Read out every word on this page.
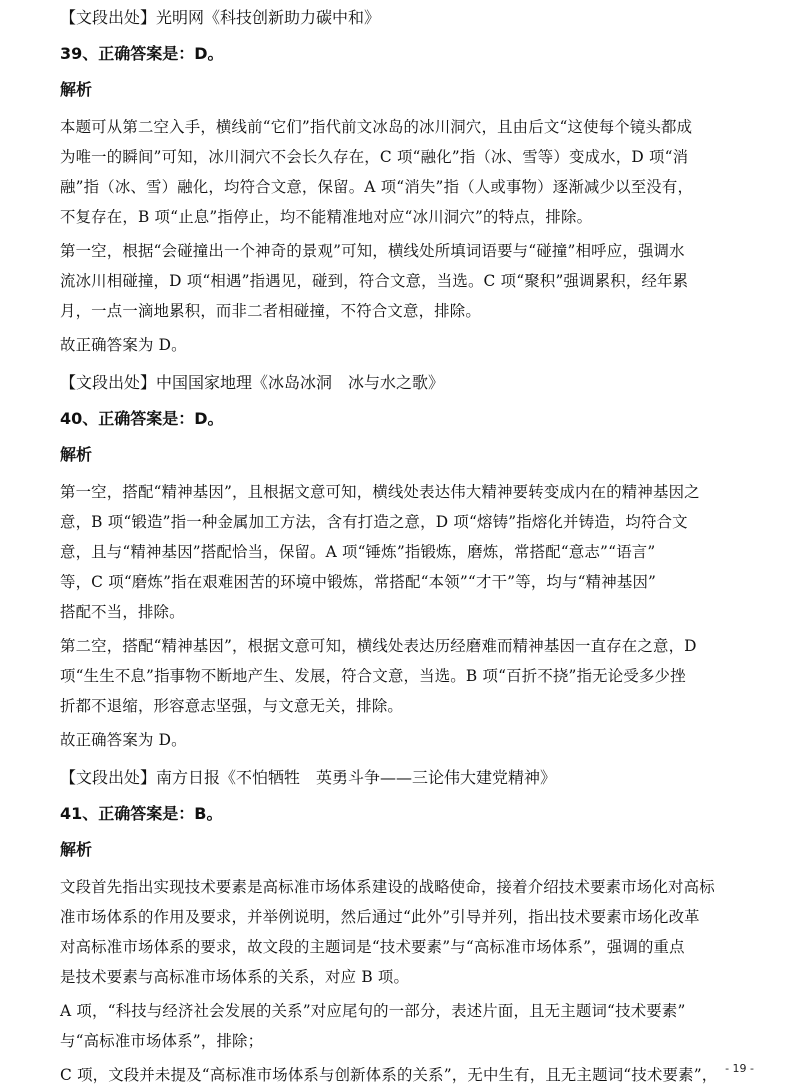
【文段出处】光明网《科技创新助力碳中和》
39、正确答案是：D。
解析
本题可从第二空入手，横线前“它们”指代前文冰岛的冰川洞穴，且由后文“这使每个镜头都成
为唯一的瞬间”可知，冰川洞穴不会长久存在，C 项“融化”指（冰、雪等）变成水，D 项“消
融”指（冰、雪）融化，均符合文意，保留。A 项“消失”指（人或事物）逐渐减少以至没有，
不复存在，B 项“止息”指停止，均不能精准地对应“冰川洞穴”的特点，排除。
第一空，根据“会碰撞出一个神奇的景观”可知，横线处所填词语要与“碰撞”相呼应，强调水
流冰川相碰撞，D 项“相遇”指遇见，碰到，符合文意，当选。C 项“聚积”强调累积，经年累
月，一点一滴地累积，而非二者相碰撞，不符合文意，排除。
故正确答案为 D。
【文段出处】中国国家地理《冰岛冰洞　冰与水之歌》
40、正确答案是：D。
解析
第一空，搭配“精神基因”，且根据文意可知，横线处表达伟大精神要转变成内在的精神基因之
意，B 项“锻造”指一种金属加工方法，含有打造之意，D 项“熔铸”指熔化并铸造，均符合文
意，且与“精神基因”搭配恰当，保留。A 项“锤炼”指锻炼，磨炼，常搭配“意志”“语言”
等，C 项“磨炼”指在艰难困苦的环境中锻炼，常搭配“本领”“才干”等，均与“精神基因”
搭配不当，排除。
第二空，搭配“精神基因”，根据文意可知，横线处表达历经磨难而精神基因一直存在之意，D
项“生生不息”指事物不断地产生、发展，符合文意，当选。B 项“百折不挠”指无论受多少挫
折都不退缩，形容意志坚强，与文意无关，排除。
故正确答案为 D。
【文段出处】南方日报《不怕牺牲　英勇斗争——三论伟大建党精神》
41、正确答案是：B。
解析
文段首先指出实现技术要素是高标准市场体系建设的战略使命，接着介绍技术要素市场化对高标
准市场体系的作用及要求，并举例说明，然后通过“此外”引导并列，指出技术要素市场化改革
对高标准市场体系的要求，故文段的主题词是“技术要素”与“高标准市场体系”，强调的重点
是技术要素与高标准市场体系的关系，对应 B 项。
A 项，“科技与经济社会发展的关系”对应尾句的一部分，表述片面，且无主题词“技术要素”
与“高标准市场体系”，排除；
C 项，文段并未提及“高标准市场体系与创新体系的关系”，无中生有，且无主题词“技术要素”， - 19 -
